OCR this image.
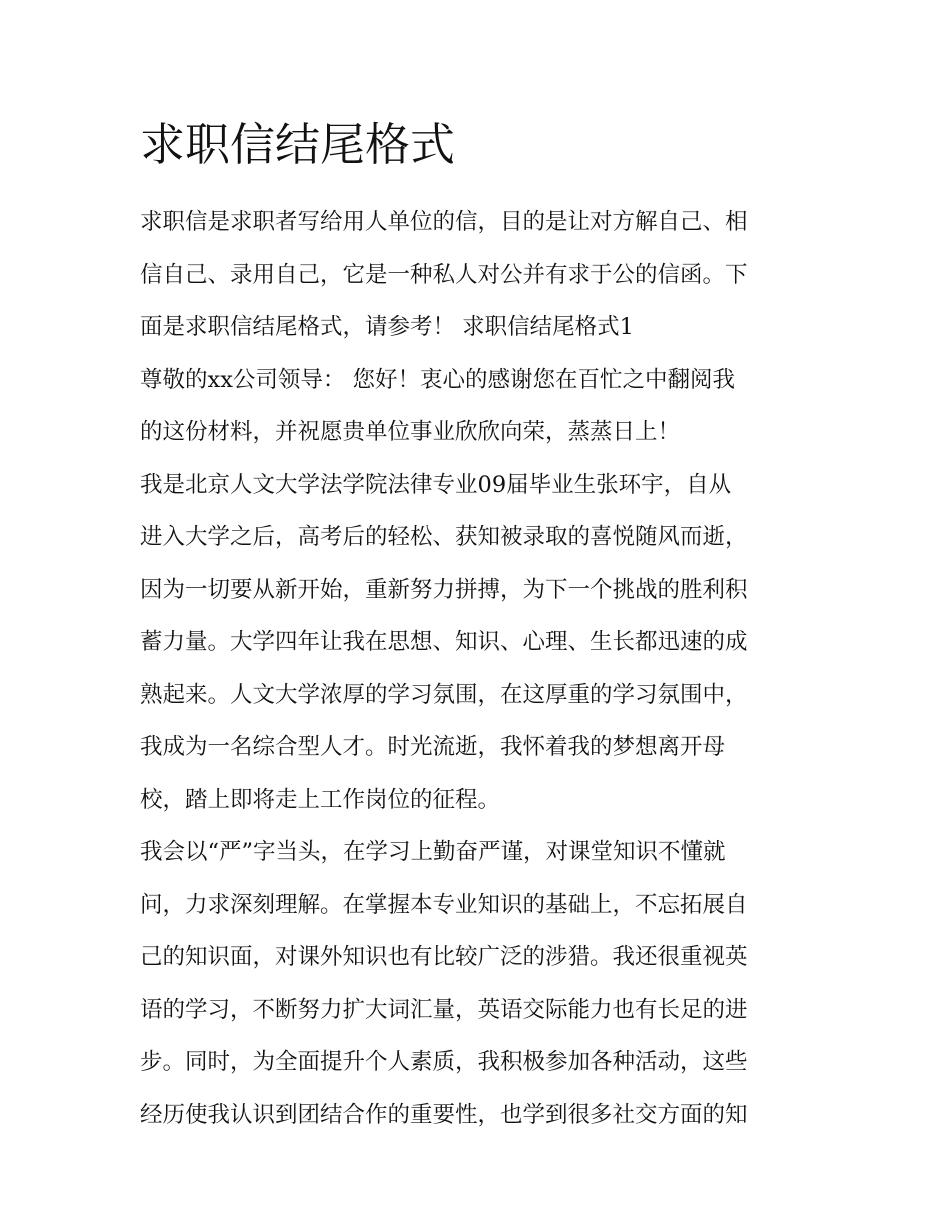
求职信结尾格式

求职信是求职者写给用人单位的信，目的是让对方解自己、相
信自己、录用自己，它是一种私人对公并有求于公的信函。下
面是求职信结尾格式，请参考！ 求职信结尾格式1

尊敬的xx公司领导： 您好！衷心的感谢您在百忙之中翻阅我
的这份材料，并祝愿贵单位事业欣欣向荣，蒸蒸日上！

我是北京人文大学法学院法律专业09届毕业生张环宇，自从
进入大学之后，高考后的轻松、获知被录取的喜悦随风而逝，
因为一切要从新开始，重新努力拼搏，为下一个挑战的胜利积
蓄力量。大学四年让我在思想、知识、心理、生长都迅速的成
熟起来。人文大学浓厚的学习氛围，在这厚重的学习氛围中，
我成为一名综合型人才。时光流逝，我怀着我的梦想离开母
校，踏上即将走上工作岗位的征程。

我会以“严”字当头，在学习上勤奋严谨，对课堂知识不懂就
问，力求深刻理解。在掌握本专业知识的基础上，不忘拓展自
己的知识面，对课外知识也有比较广泛的涉猎。我还很重视英
语的学习，不断努力扩大词汇量，英语交际能力也有长足的进
步。同时，为全面提升个人素质，我积极参加各种活动，这些
经历使我认识到团结合作的重要性，也学到很多社交方面的知
